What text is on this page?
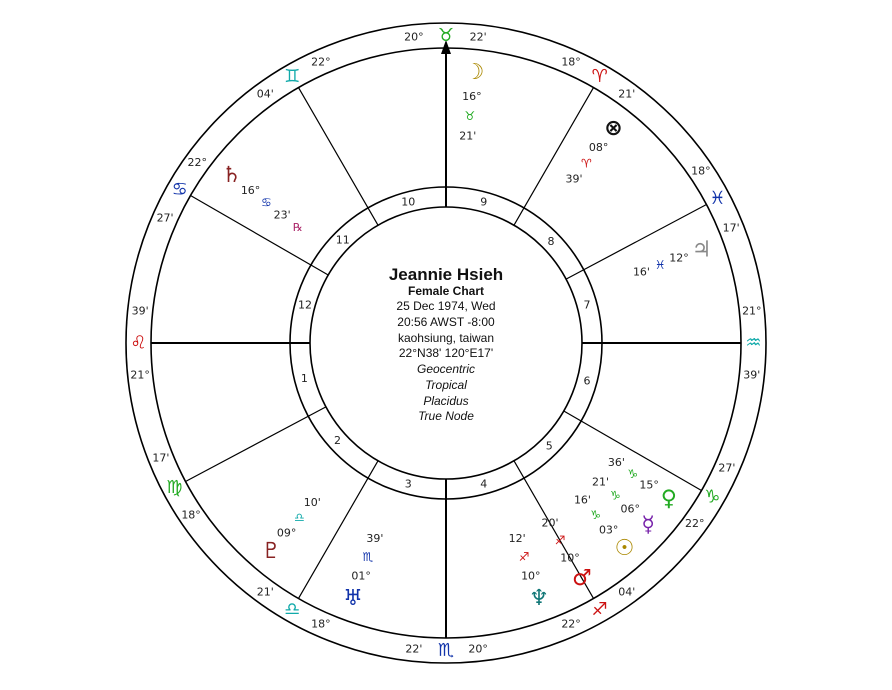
1
2
3	4
5
6
7
8
9
10
11
12
♉
20°	22'
♈
18°
21'
♓
18°
17'
♒
21°
39'
♑
27'
22°
♐
04'
22°
♏ 20°
22'
♎
18°
21'
♍
18°
17'
♌
21°
39'
♋
27'
22°
♊
04'
22°	☽
16°
♉
21'	⊗
08°
♈
39'
♃
12°
♓
16'
♀
15°
♑
36'
☿
06°
♑
21'
☉
03°
♑
16'
♂
10°
♐
20'
♆
10°
♐
12'
♅
01°
♏
39'
♇
09°
♎
10'
♄
16°
♋
23'
℞
Jeannie Hsieh
Female Chart
25 Dec 1974, Wed
20:56 AWST -8:00
kaohsiung, taiwan
22°N38' 120°E17'
Geocentric
Tropical
Placidus
True Node
